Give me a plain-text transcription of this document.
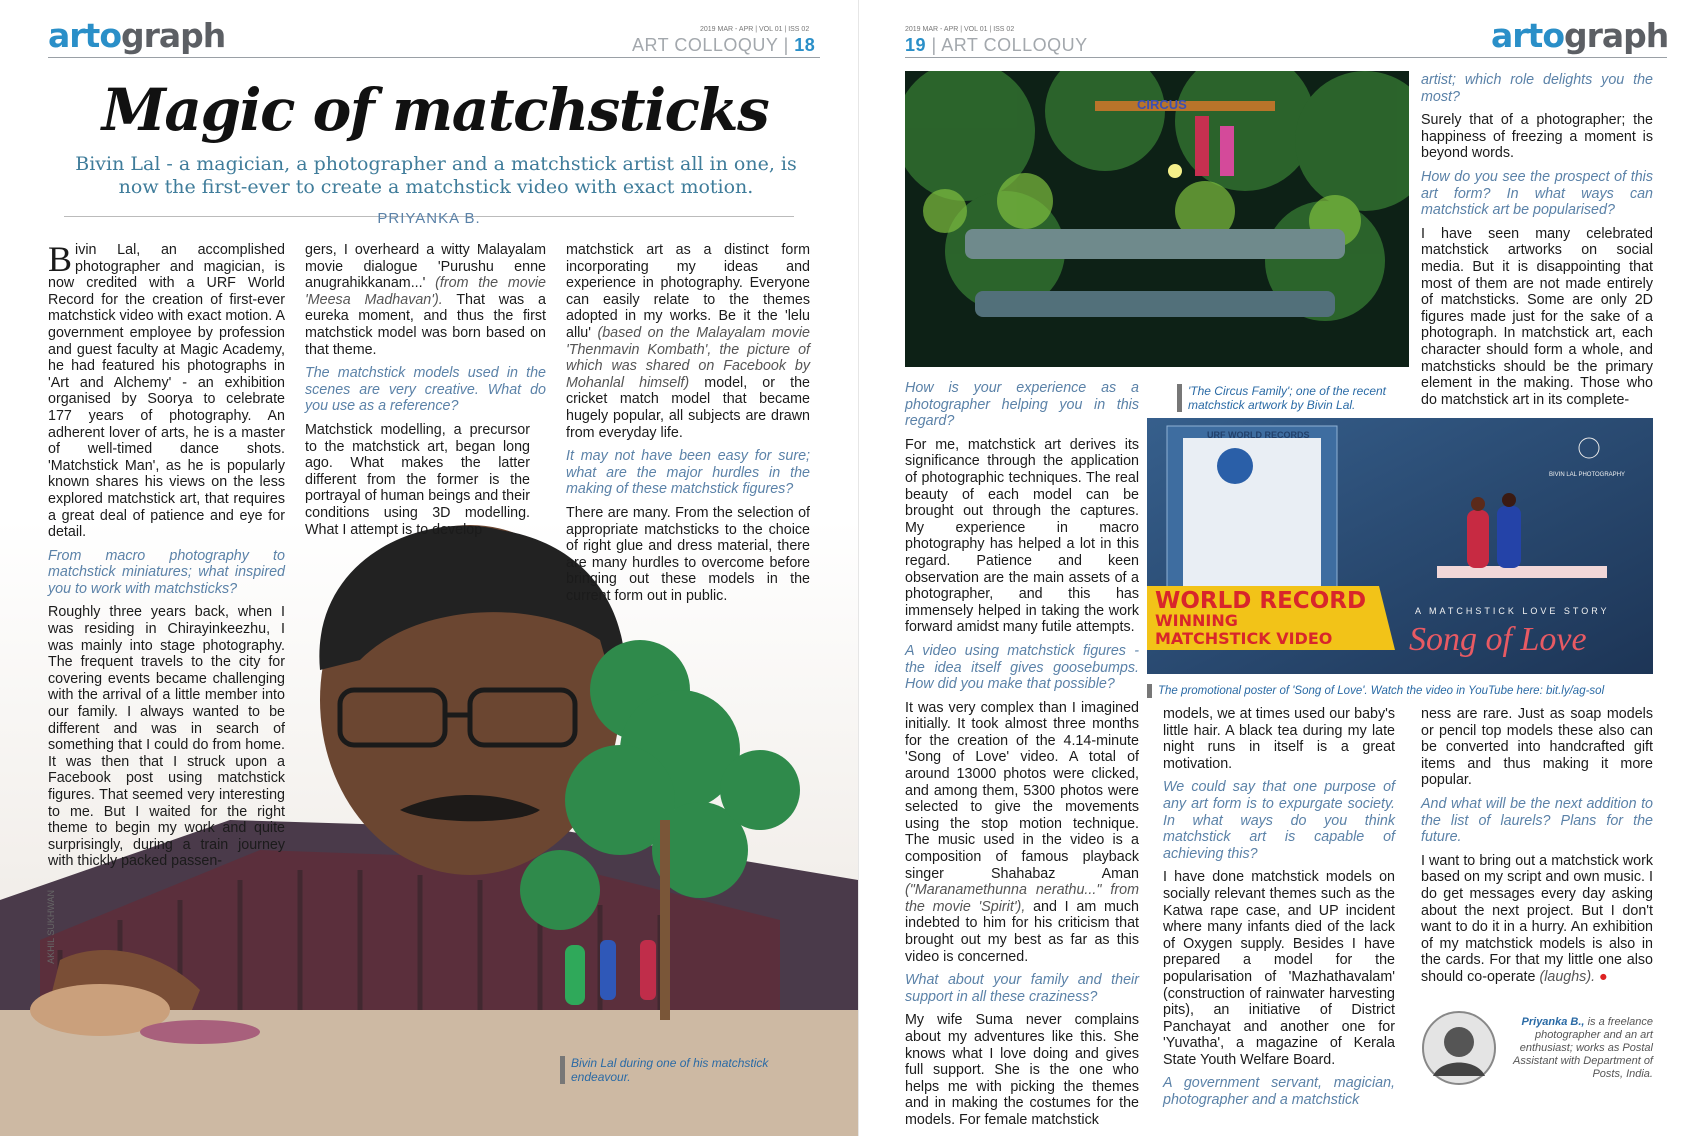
artograph	2019 MAR - APR | VOL 01 | ISS 02
ART COLLOQUY | 18
Magic of matchsticks
Bivin Lal - a magician, a photographer and a matchstick artist all in one, is now the first-ever to create a matchstick video with exact motion.
PRIYANKA B.
AKHIL SUKHWAN
Bivin Lal during one of his matchstick endeavour.

Bivin Lal, an accomplished photographer and magician, is now credited with a URF World Record for the creation of first-ever matchstick video with exact motion. A government employee by profession and guest faculty at Magic Academy, he had featured his photographs in 'Art and Alchemy' - an exhibition organised by Soorya to celebrate 177 years of photography. An adherent lover of arts, he is a master of well-timed dance shots. 'Matchstick Man', as he is popularly known shares his views on the less explored matchstick art, that requires a great deal of patience and eye for detail.

From macro photography to matchstick miniatures; what inspired you to work with matchsticks?

Roughly three years back, when I was residing in Chirayinkeezhu, I was mainly into stage photography. The frequent travels to the city for covering events became challenging with the arrival of a little member into our family. I always wanted to be different and was in search of something that I could do from home. It was then that I struck upon a Facebook post using matchstick figures. That seemed very interesting to me. But I waited for the right theme to begin my work and quite surprisingly, during a train journey with thickly packed passen-

gers, I overheard a witty Malayalam movie dialogue 'Purushu enne anugrahikkanam...' (from the movie 'Meesa Madhavan'). That was a eureka moment, and thus the first matchstick model was born based on that theme.

The matchstick models used in the scenes are very creative. What do you use as a reference?

Matchstick modelling, a precursor to the matchstick art, began long ago. What makes the latter different from the former is the portrayal of human beings and their conditions using 3D modelling. What I attempt is to develop

matchstick art as a distinct form incorporating my ideas and experience in photography. Everyone can easily relate to the themes adopted in my works. Be it the 'lelu allu' (based on the Malayalam movie 'Thenmavin Kombath', the picture of which was shared on Facebook by Mohanlal himself) model, or the cricket match model that became hugely popular, all subjects are drawn from everyday life.

It may not have been easy for sure; what are the major hurdles in the making of these matchstick figures?

There are many. From the selection of appropriate matchsticks to the choice of right glue and dress material, there are many hurdles to overcome before bringing out these models in the current form out in public.

2019 MAR - APR | VOL 01 | ISS 02
19 | ART COLLOQUY	artograph
CIRCUS
'The Circus Family'; one of the recent matchstick artwork by Bivin Lal.
URF WORLD RECORDS
BIVIN LAL PHOTOGRAPHY
WORLD RECORD
WINNING
MATCHSTICK VIDEO
A MATCHSTICK LOVE STORY
Song of Love
The promotional poster of 'Song of Love'. Watch the video in YouTube here: bit.ly/ag-sol

How is your experience as a photographer helping you in this regard?

For me, matchstick art derives its significance through the application of photographic techniques. The real beauty of each model can be brought out through the captures. My experience in macro photography has helped a lot in this regard. Patience and keen observation are the main assets of a photographer, and this has immensely helped in taking the work forward amidst many futile attempts.

A video using matchstick figures - the idea itself gives goosebumps. How did you make that possible?

It was very complex than I imagined initially. It took almost three months for the creation of the 4.14-minute 'Song of Love' video. A total of around 13000 photos were clicked, and among them, 5300 photos were selected to give the movements using the stop motion technique. The music used in the video is a composition of famous playback singer Shahabaz Aman ("Maranamethunna nerathu..." from the movie 'Spirit'), and I am much indebted to him for his criticism that brought out my best as far as this video is concerned.

What about your family and their support in all these craziness?

My wife Suma never complains about my adventures like this. She knows what I love doing and gives full support. She is the one who helps me with picking the themes and in making the costumes for the models. For female matchstick

models, we at times used our baby's little hair. A black tea during my late night runs in itself is a great motivation.

We could say that one purpose of any art form is to expurgate society. In what ways do you think matchstick art is capable of achieving this?

I have done matchstick models on socially relevant themes such as the Katwa rape case, and UP incident where many infants died of the lack of Oxygen supply. Besides I have prepared a model for the popularisation of 'Mazhathavalam' (construction of rainwater harvesting pits), an initiative of District Panchayat and another one for 'Yuvatha', a magazine of Kerala State Youth Welfare Board.

A government servant, magician, photographer and a matchstick

artist; which role delights you the most?

Surely that of a photographer; the happiness of freezing a moment is beyond words.

How do you see the prospect of this art form? In what ways can matchstick art be popularised?

I have seen many celebrated matchstick artworks on social media. But it is disappointing that most of them are not made entirely of matchsticks. Some are only 2D figures made just for the sake of a photograph. In matchstick art, each character should form a whole, and matchsticks should be the primary element in the making. Those who do matchstick art in its complete-

ness are rare. Just as soap models or pencil top models these also can be converted into handcrafted gift items and thus making it more popular.

And what will be the next addition to the list of laurels? Plans for the future.

I want to bring out a matchstick work based on my script and own music. I do get messages every day asking about the next project. But I don't want to do it in a hurry. An exhibition of my matchstick models is also in the cards. For that my little one also should co-operate (laughs). ●

Priyanka B., is a freelance photographer and an art enthusiast; works as Postal Assistant with Department of Posts, India.
